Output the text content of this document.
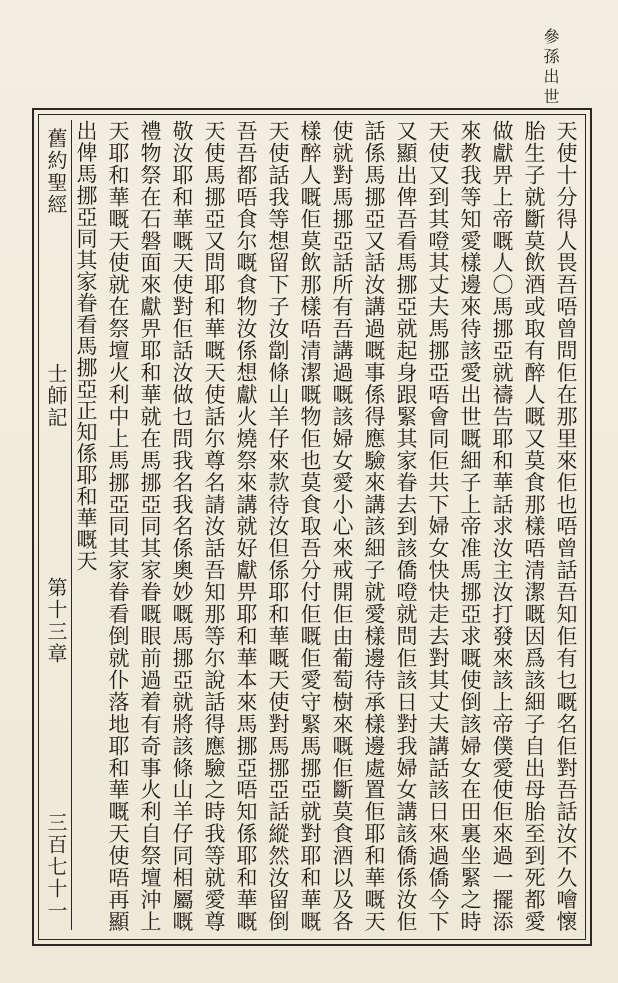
參孫出世
舊約聖經
士師記
第十三章
三百七十一	天使十分得人畏吾唔曾問佢在那里來佢也唔曾話吾知佢有乜嘅名佢對吾話汝不久噲懷胎生子就斷莫飲酒或取有醉人嘅又莫食那樣唔清潔嘅因爲該細子自出母胎至到死都愛做獻畀上帝嘅人〇馬挪亞就禱告耶和華話求汝主汝打發來該上帝僕愛使佢來過一擺添來教我等知愛樣邊來待該愛出世嘅細子上帝准馬挪亞求嘅使倒該婦女在田裏坐緊之時天使又到其噔其丈夫馬挪亞唔會同佢共下婦女快快走去對其丈夫講話該日來過僑今下又顯出俾吾看馬挪亞就起身跟緊其家眷去到該僑噔就問佢該日對我婦女講該僑係汝佢話係馬挪亞又話汝講過嘅事係得應驗來講該細子就愛樣邊待承樣邊處置佢耶和華嘅天使就對馬挪亞話所有吾講過嘅該婦女愛小心來戒開佢由葡萄樹來嘅佢斷莫食酒以及各樣醉人嘅佢莫飲那樣唔清潔嘅物佢也莫食取吾分付佢嘅佢愛守緊馬挪亞就對耶和華嘅天使話我等想留下子汝劏條山羊仔來款待汝但係耶和華嘅天使對馬挪亞話縱然汝留倒吾吾都唔食尔嘅食物汝係想獻火燒祭來講就好獻畀耶和華本來馬挪亞唔知係耶和華嘅天使馬挪亞又問耶和華嘅天使話尔尊名請汝話吾知那等尔說話得應驗之時我等就愛尊敬汝耶和華嘅天使對佢話汝做乜問我名我名係奧妙嘅馬挪亞就將該條山羊仔同相屬嘅禮物祭在石磐面來獻畀耶和華就在馬挪亞同其家眷嘅眼前過着有奇事火利自祭壇沖上天耶和華嘅天使就在祭壇火利中上馬挪亞同其家眷看倒就仆落地耶和華嘅天使唔再顯出俾馬挪亞同其家眷看馬挪亞正知係耶和華嘅天
